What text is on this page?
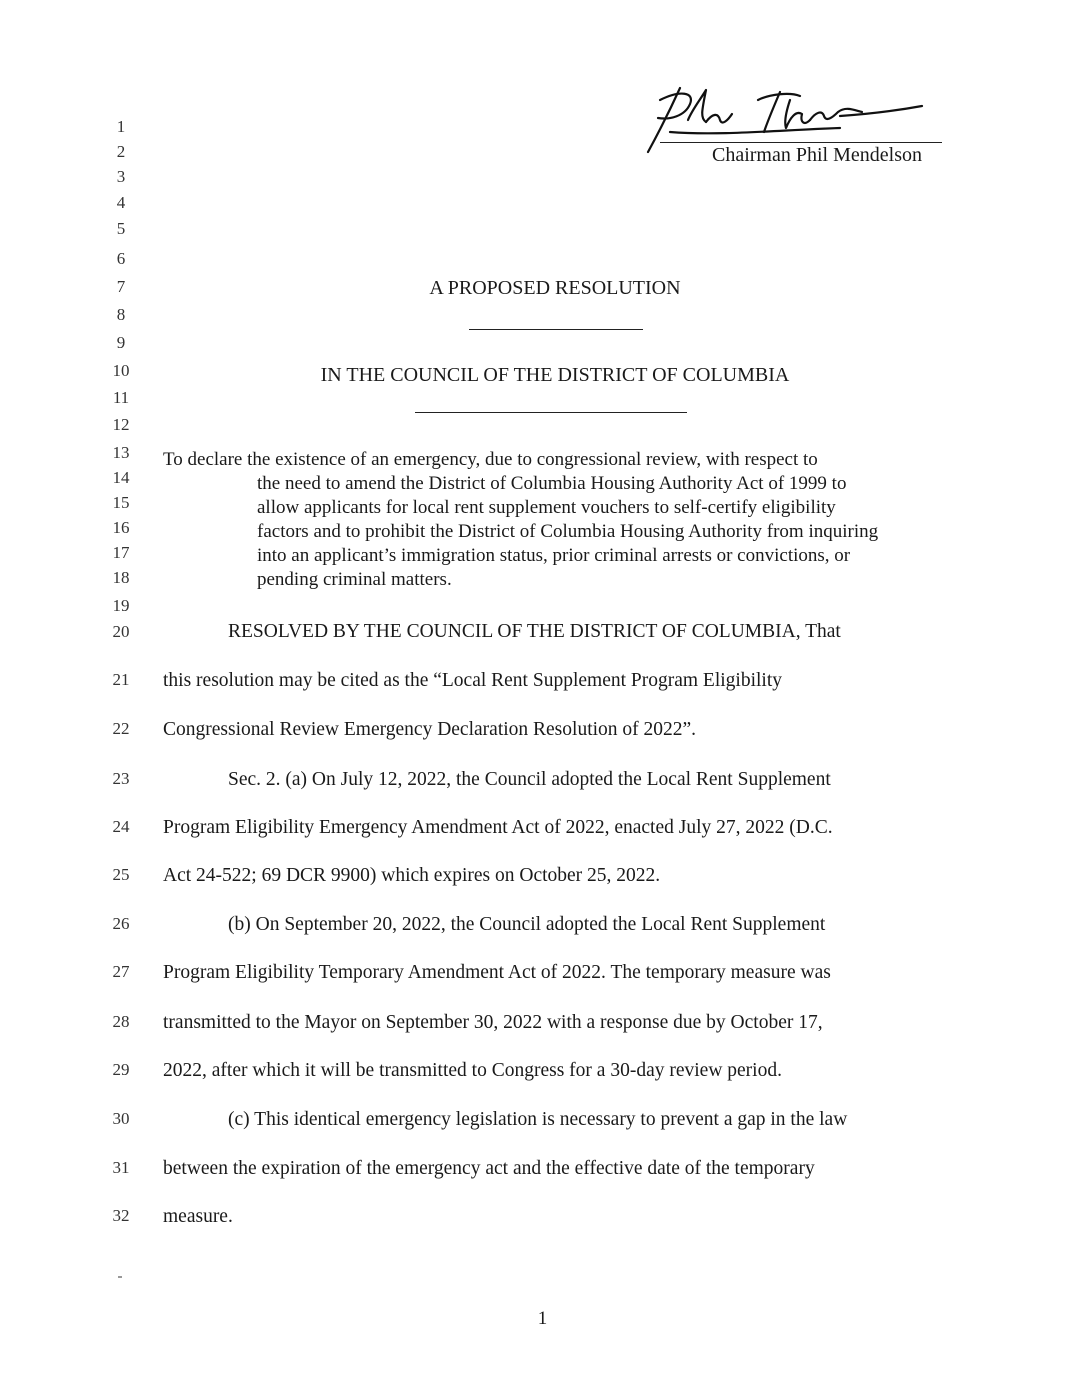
Chairman Phil Mendelson
1
2
3
4
5
6
7
8
9
10
11
12
13
14
15
16
17
18
19
20
21
22
23
24
25
26
27
28
29
30
31
32
A PROPOSED RESOLUTION
IN THE COUNCIL OF THE DISTRICT OF COLUMBIA
To declare the existence of an emergency, due to congressional review, with respect to
the need to amend the District of Columbia Housing Authority Act of 1999 to
allow applicants for local rent supplement vouchers to self-certify eligibility
factors and to prohibit the District of Columbia Housing Authority from inquiring
into an applicant’s immigration status, prior criminal arrests or convictions, or
pending criminal matters.
RESOLVED BY THE COUNCIL OF THE DISTRICT OF COLUMBIA, That
this resolution may be cited as the “Local Rent Supplement Program Eligibility
Congressional Review Emergency Declaration Resolution of 2022”.
Sec. 2. (a) On July 12, 2022, the Council adopted the Local Rent Supplement
Program Eligibility Emergency Amendment Act of 2022, enacted July 27, 2022 (D.C.
Act 24-522; 69 DCR 9900) which expires on October 25, 2022.
(b) On September 20, 2022, the Council adopted the Local Rent Supplement
Program Eligibility Temporary Amendment Act of 2022. The temporary measure was
transmitted to the Mayor on September 30, 2022 with a response due by October 17,
2022, after which it will be transmitted to Congress for a 30-day review period.
(c) This identical emergency legislation is necessary to prevent a gap in the law
between the expiration of the emergency act and the effective date of the temporary
measure.
1
